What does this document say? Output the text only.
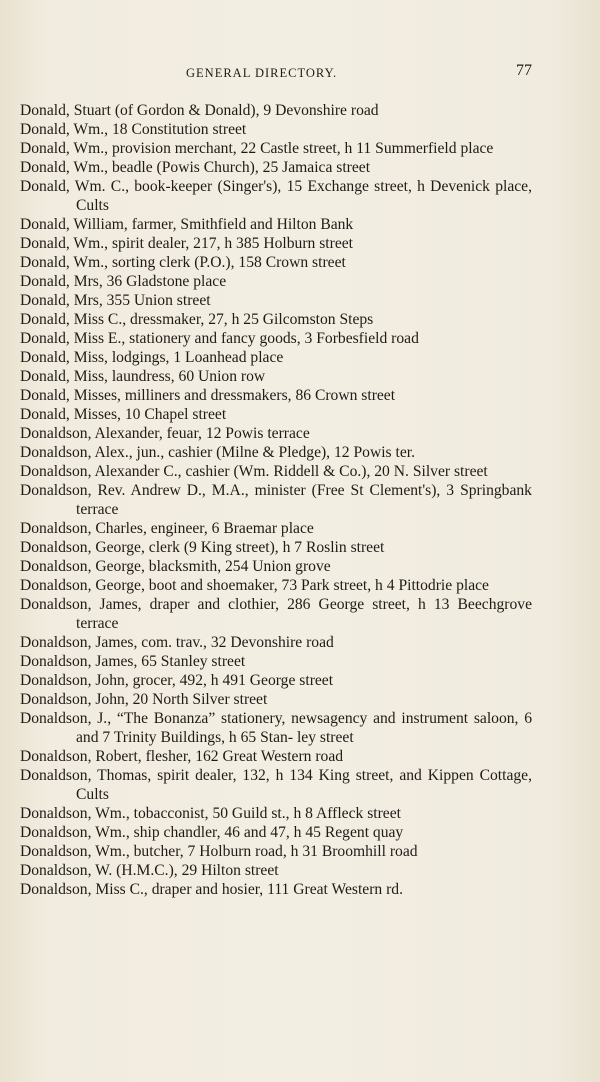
GENERAL DIRECTORY.	77

Donald, Stuart (of Gordon & Donald), 9 Devonshire road

Donald, Wm., 18 Constitution street

Donald, Wm., provision merchant, 22 Castle street, h 11 Summerfield place

Donald, Wm., beadle (Powis Church), 25 Jamaica street

Donald, Wm. C., book-keeper (Singer's), 15 Exchange street, h Devenick place, Cults

Donald, William, farmer, Smithfield and Hilton Bank

Donald, Wm., spirit dealer, 217, h 385 Holburn street

Donald, Wm., sorting clerk (P.O.), 158 Crown street

Donald, Mrs, 36 Gladstone place

Donald, Mrs, 355 Union street

Donald, Miss C., dressmaker, 27, h 25 Gilcomston Steps

Donald, Miss E., stationery and fancy goods, 3 Forbesfield road

Donald, Miss, lodgings, 1 Loanhead place

Donald, Miss, laundress, 60 Union row

Donald, Misses, milliners and dressmakers, 86 Crown street

Donald, Misses, 10 Chapel street

Donaldson, Alexander, feuar, 12 Powis terrace

Donaldson, Alex., jun., cashier (Milne & Pledge), 12 Powis ter.

Donaldson, Alexander C., cashier (Wm. Riddell & Co.), 20 N. Silver street

Donaldson, Rev. Andrew D., M.A., minister (Free St Clement's), 3 Springbank terrace

Donaldson, Charles, engineer, 6 Braemar place

Donaldson, George, clerk (9 King street), h 7 Roslin street

Donaldson, George, blacksmith, 254 Union grove

Donaldson, George, boot and shoemaker, 73 Park street, h 4 Pittodrie place

Donaldson, James, draper and clothier, 286 George street, h 13 Beechgrove terrace

Donaldson, James, com. trav., 32 Devonshire road

Donaldson, James, 65 Stanley street

Donaldson, John, grocer, 492, h 491 George street

Donaldson, John, 20 North Silver street

Donaldson, J., “The Bonanza” stationery, newsagency and instrument saloon, 6 and 7 Trinity Buildings, h 65 Stan- ley street

Donaldson, Robert, flesher, 162 Great Western road

Donaldson, Thomas, spirit dealer, 132, h 134 King street, and Kippen Cottage, Cults

Donaldson, Wm., tobacconist, 50 Guild st., h 8 Affleck street

Donaldson, Wm., ship chandler, 46 and 47, h 45 Regent quay

Donaldson, Wm., butcher, 7 Holburn road, h 31 Broomhill road

Donaldson, W. (H.M.C.), 29 Hilton street

Donaldson, Miss C., draper and hosier, 111 Great Western rd.
